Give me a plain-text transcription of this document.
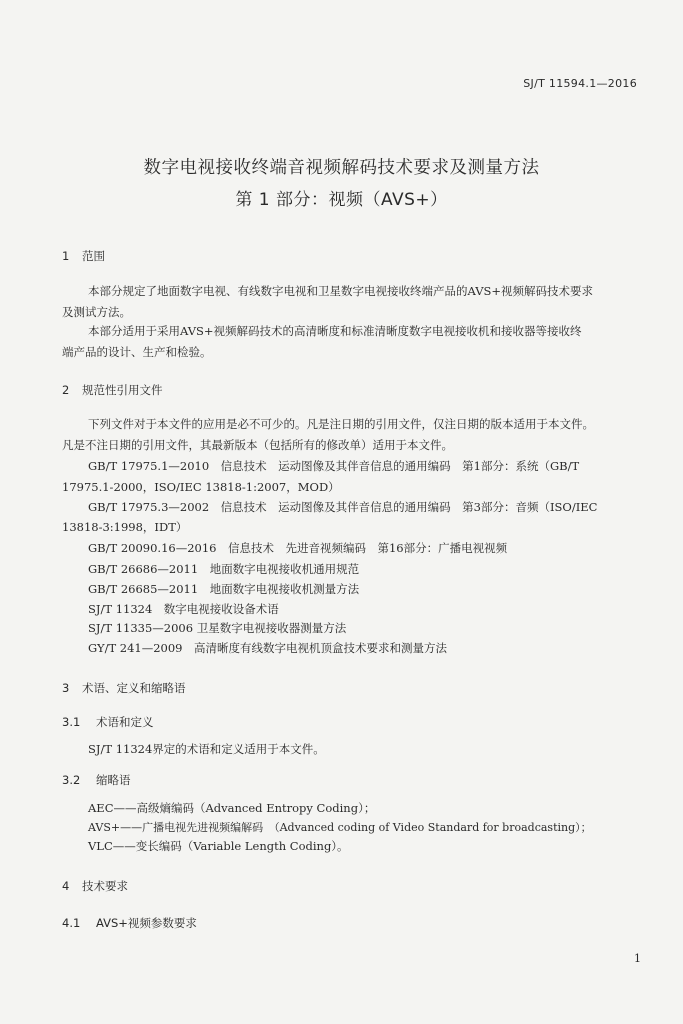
SJ/T 11594.1—2016
数字电视接收终端音视频解码技术要求及测量方法
第 1 部分：视频（AVS+）
1 范围
本部分规定了地面数字电视、有线数字电视和卫星数字电视接收终端产品的AVS+视频解码技术要求
及测试方法。
本部分适用于采用AVS+视频解码技术的高清晰度和标准清晰度数字电视接收机和接收器等接收终
端产品的设计、生产和检验。
2 规范性引用文件
下列文件对于本文件的应用是必不可少的。凡是注日期的引用文件，仅注日期的版本适用于本文件。
凡是不注日期的引用文件，其最新版本（包括所有的修改单）适用于本文件。
GB/T 17975.1—2010　信息技术　运动图像及其伴音信息的通用编码　第1部分：系统（GB/T
17975.1-2000，ISO/IEC 13818-1:2007，MOD）
GB/T 17975.3—2002　信息技术　运动图像及其伴音信息的通用编码　第3部分：音频（ISO/IEC
13818-3:1998，IDT）
GB/T 20090.16—2016　信息技术　先进音视频编码　第16部分：广播电视视频
GB/T 26686—2011　地面数字电视接收机通用规范
GB/T 26685—2011　地面数字电视接收机测量方法
SJ/T 11324　数字电视接收设备术语
SJ/T 11335—2006 卫星数字电视接收器测量方法
GY/T 241—2009　高清晰度有线数字电视机顶盒技术要求和测量方法
3 术语、定义和缩略语
3.1 术语和定义
SJ/T 11324界定的术语和定义适用于本文件。
3.2 缩略语
AEC——高级熵编码（Advanced Entropy Coding）；
AVS+——广播电视先进视频编解码　（Advanced coding of Video Standard for broadcasting）；
VLC——变长编码（Variable Length Coding）。
4 技术要求
4.1 AVS+视频参数要求
1
